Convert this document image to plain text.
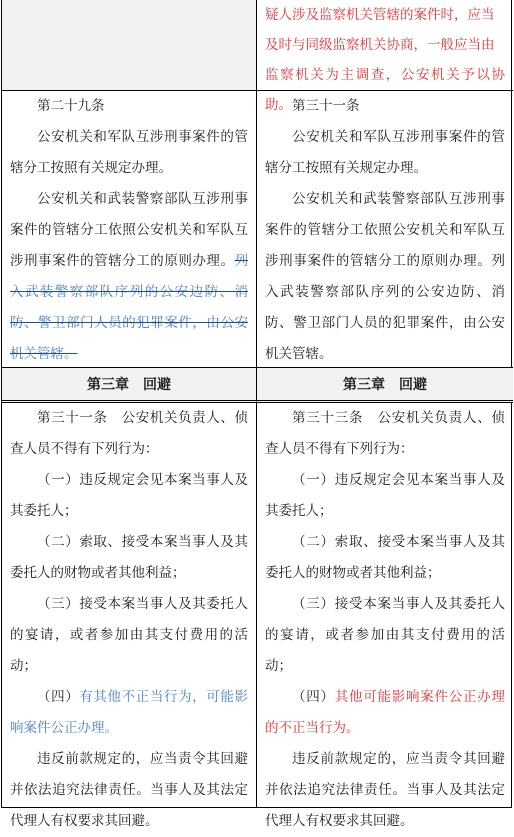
疑人涉及监察机关管辖的案件时，应当

及时与同级监察机关协商，一般应当由

监察机关为主调查，公安机关予以协助。

第二十九条

公安机关和军队互涉刑事案件的管辖分工按照有关规定办理。

公安机关和武装警察部队互涉刑事案件的管辖分工依照公安机关和军队互涉刑事案件的管辖分工的原则办理。列入武装警察部队序列的公安边防、消防、警卫部门人员的犯罪案件，由公安机关管辖。

第三十一条

公安机关和军队互涉刑事案件的管辖分工按照有关规定办理。

公安机关和武装警察部队互涉刑事案件的管辖分工依照公安机关和军队互涉刑事案件的管辖分工的原则办理。列入武装警察部队序列的公安边防、消防、警卫部门人员的犯罪案件，由公安机关管辖。

第三章　回避	第三章　回避

第三十一条　公安机关负责人、侦查人员不得有下列行为：

（一）违反规定会见本案当事人及其委托人；

（二）索取、接受本案当事人及其委托人的财物或者其他利益；

（三）接受本案当事人及其委托人的宴请，或者参加由其支付费用的活动；

（四）有其他不正当行为，可能影响案件公正办理。

违反前款规定的，应当责令其回避并依法追究法律责任。当事人及其法定代理人有权要求其回避。

第三十三条　公安机关负责人、侦查人员不得有下列行为：

（一）违反规定会见本案当事人及其委托人；

（二）索取、接受本案当事人及其委托人的财物或者其他利益；

（三）接受本案当事人及其委托人的宴请，或者参加由其支付费用的活动；

（四）其他可能影响案件公正办理的不正当行为。

违反前款规定的，应当责令其回避并依法追究法律责任。当事人及其法定代理人有权要求其回避。
